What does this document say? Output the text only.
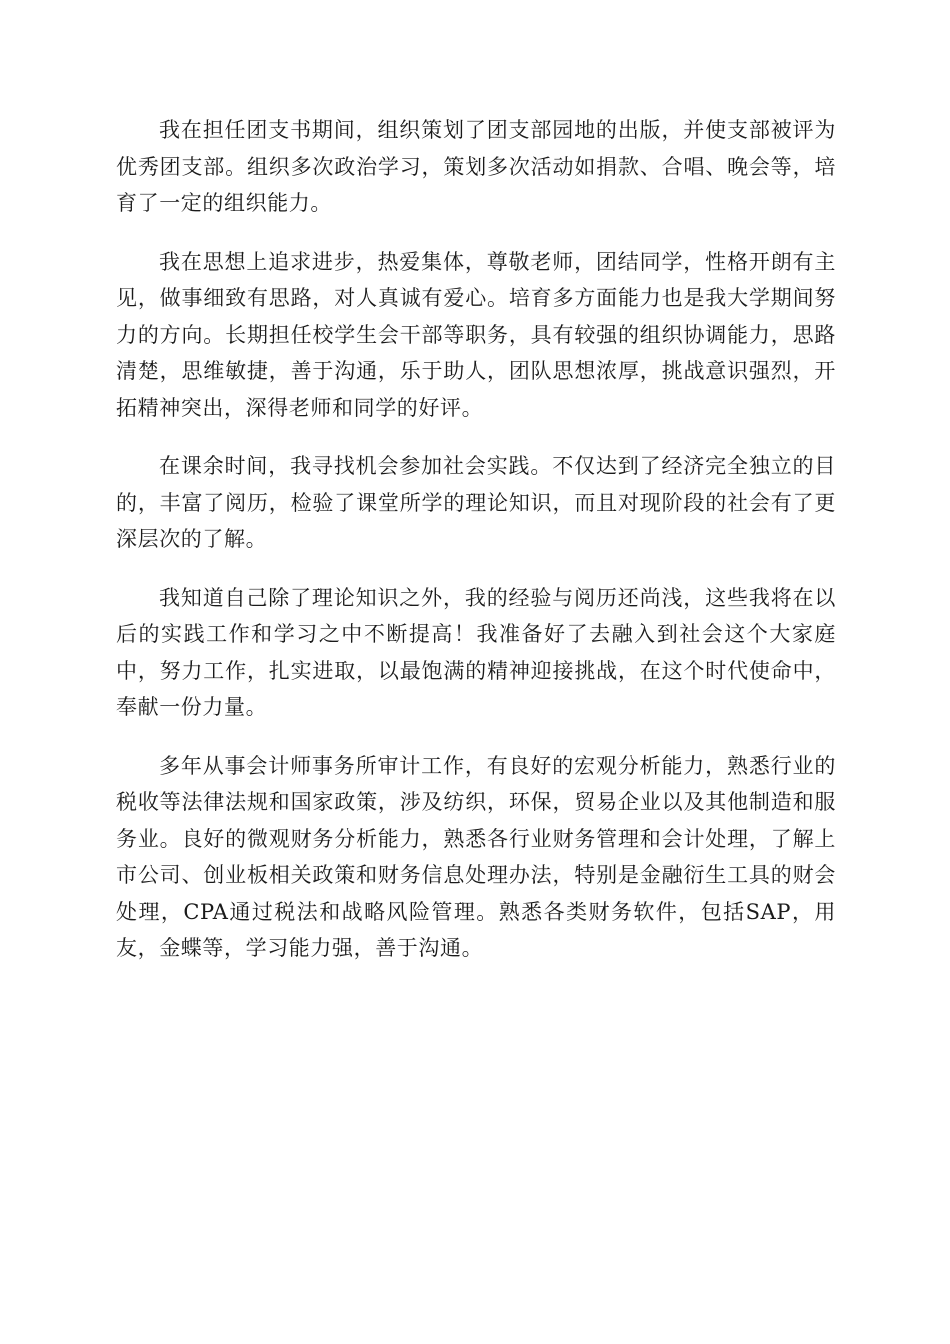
我在担任团支书期间，组织策划了团支部园地的出版，并使支部被评为优秀团支部。组织多次政治学习，策划多次活动如捐款、合唱、晚会等，培育了一定的组织能力。

我在思想上追求进步，热爱集体，尊敬老师，团结同学，性格开朗有主见，做事细致有思路，对人真诚有爱心。培育多方面能力也是我大学期间努力的方向。长期担任校学生会干部等职务，具有较强的组织协调能力，思路清楚，思维敏捷，善于沟通，乐于助人，团队思想浓厚，挑战意识强烈，开拓精神突出，深得老师和同学的好评。

在课余时间，我寻找机会参加社会实践。不仅达到了经济完全独立的目的，丰富了阅历，检验了课堂所学的理论知识，而且对现阶段的社会有了更深层次的了解。

我知道自己除了理论知识之外，我的经验与阅历还尚浅，这些我将在以后的实践工作和学习之中不断提高！我准备好了去融入到社会这个大家庭中，努力工作，扎实进取，以最饱满的精神迎接挑战，在这个时代使命中，奉献一份力量。

多年从事会计师事务所审计工作，有良好的宏观分析能力，熟悉行业的税收等法律法规和国家政策，涉及纺织，环保，贸易企业以及其他制造和服务业。良好的微观财务分析能力，熟悉各行业财务管理和会计处理，了解上市公司、创业板相关政策和财务信息处理办法，特别是金融衍生工具的财会处理，CPA通过税法和战略风险管理。熟悉各类财务软件，包括SAP，用友，金蝶等，学习能力强，善于沟通。
